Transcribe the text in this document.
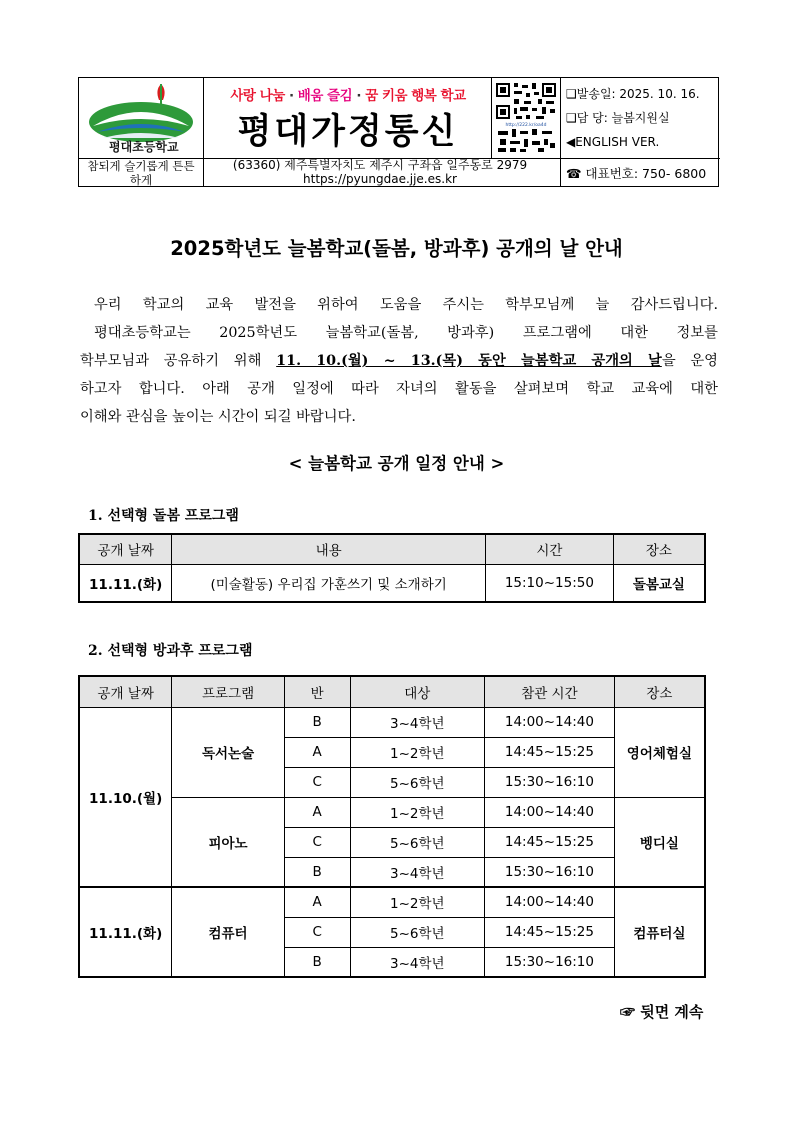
평대초등학교
참되게 슬기롭게 튼튼하게
사랑 나눔 · 배움 즐김 · 꿈 키움 행복 학교
평대가정통신
(63360) 제주특별자치도 제주시 구좌읍 일주동로 2979
https://pyungdae.jje.es.kr
http://222.kr/oa4d
❑발송일: 2025. 10. 16.
❑담 당: 늘봄지원실
◀ENGLISH VER.
☎ 대표번호: 750- 6800
2025학년도 늘봄학교(돌봄, 방과후) 공개의 날 안내
우리 학교의 교육 발전을 위하여 도움을 주시는 학부모님께 늘 감사드립니다.
평대초등학교는 2025학년도 늘봄학교(돌봄, 방과후) 프로그램에 대한 정보를
학부모님과 공유하기 위해 11. 10.(월) ~ 13.(목) 동안 늘봄학교 공개의 날을 운영
하고자 합니다. 아래 공개 일정에 따라 자녀의 활동을 살펴보며 학교 교육에 대한
이해와 관심을 높이는 시간이 되길 바랍니다.
< 늘봄학교 공개 일정 안내 >
1. 선택형 돌봄 프로그램
공개 날짜	내용	시간	장소
11.11.(화)	(미술활동) 우리집 가훈쓰기 및 소개하기	15:10~15:50	돌봄교실
2. 선택형 방과후 프로그램
공개 날짜	프로그램	반	대상	참관 시간	장소
11.10.(월)	독서논술	B	3~4학년	14:00~14:40	영어체험실
		A	1~2학년	14:45~15:25	
		C	5~6학년	15:30~16:10	
	피아노	A	1~2학년	14:00~14:40	벵디실
		C	5~6학년	14:45~15:25	
		B	3~4학년	15:30~16:10	
11.11.(화)	컴퓨터	A	1~2학년	14:00~14:40	컴퓨터실
		C	5~6학년	14:45~15:25	
		B	3~4학년	15:30~16:10	
☞ 뒷면 계속
